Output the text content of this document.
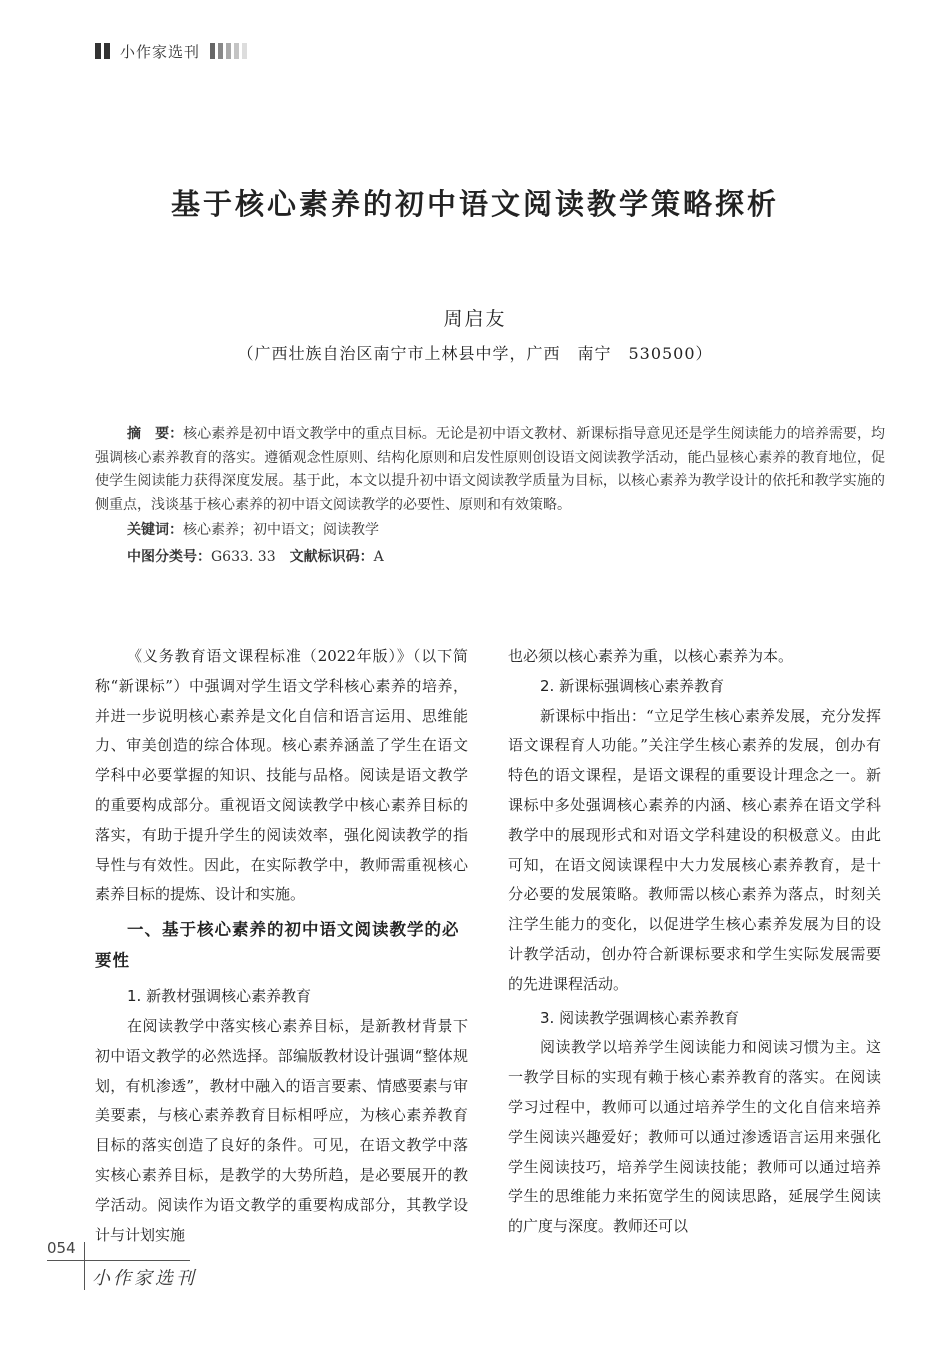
小作家选刊
基于核心素养的初中语文阅读教学策略探析
周启友
（广西壮族自治区南宁市上林县中学，广西　南宁　530500）
摘　要：核心素养是初中语文教学中的重点目标。无论是初中语文教材、新课标指导意见还是学生阅读能力的培养需要，均强调核心素养教育的落实。遵循观念性原则、结构化原则和启发性原则创设语文阅读教学活动，能凸显核心素养的教育地位，促使学生阅读能力获得深度发展。基于此，本文以提升初中语文阅读教学质量为目标，以核心素养为教学设计的依托和教学实施的侧重点，浅谈基于核心素养的初中语文阅读教学的必要性、原则和有效策略。
关键词：核心素养；初中语文；阅读教学
中图分类号：G633. 33　 文献标识码：A

《义务教育语文课程标准（2022年版）》（以下简称“新课标”）中强调对学生语文学科核心素养的培养，并进一步说明核心素养是文化自信和语言运用、思维能力、审美创造的综合体现。核心素养涵盖了学生在语文学科中必要掌握的知识、技能与品格。阅读是语文教学的重要构成部分。重视语文阅读教学中核心素养目标的落实，有助于提升学生的阅读效率，强化阅读教学的指导性与有效性。因此，在实际教学中，教师需重视核心素养目标的提炼、设计和实施。

一、基于核心素养的初中语文阅读教学的必要性

1. 新教材强调核心素养教育

在阅读教学中落实核心素养目标，是新教材背景下初中语文教学的必然选择。部编版教材设计强调“整体规划，有机渗透”，教材中融入的语言要素、情感要素与审美要素，与核心素养教育目标相呼应，为核心素养教育目标的落实创造了良好的条件。可见，在语文教学中落实核心素养目标，是教学的大势所趋，是必要展开的教学活动。阅读作为语文教学的重要构成部分，其教学设计与计划实施

也必须以核心素养为重，以核心素养为本。

2. 新课标强调核心素养教育

新课标中指出：“立足学生核心素养发展，充分发挥语文课程育人功能。”关注学生核心素养的发展，创办有特色的语文课程，是语文课程的重要设计理念之一。新课标中多处强调核心素养的内涵、核心素养在语文学科教学中的展现形式和对语文学科建设的积极意义。由此可知，在语文阅读课程中大力发展核心素养教育，是十分必要的发展策略。教师需以核心素养为落点，时刻关注学生能力的变化，以促进学生核心素养发展为目的设计教学活动，创办符合新课标要求和学生实际发展需要的先进课程活动。

3. 阅读教学强调核心素养教育

阅读教学以培养学生阅读能力和阅读习惯为主。这一教学目标的实现有赖于核心素养教育的落实。在阅读学习过程中，教师可以通过培养学生的文化自信来培养学生阅读兴趣爱好；教师可以通过渗透语言运用来强化学生阅读技巧，培养学生阅读技能；教师可以通过培养学生的思维能力来拓宽学生的阅读思路，延展学生阅读的广度与深度。教师还可以

054
小作家选刊
